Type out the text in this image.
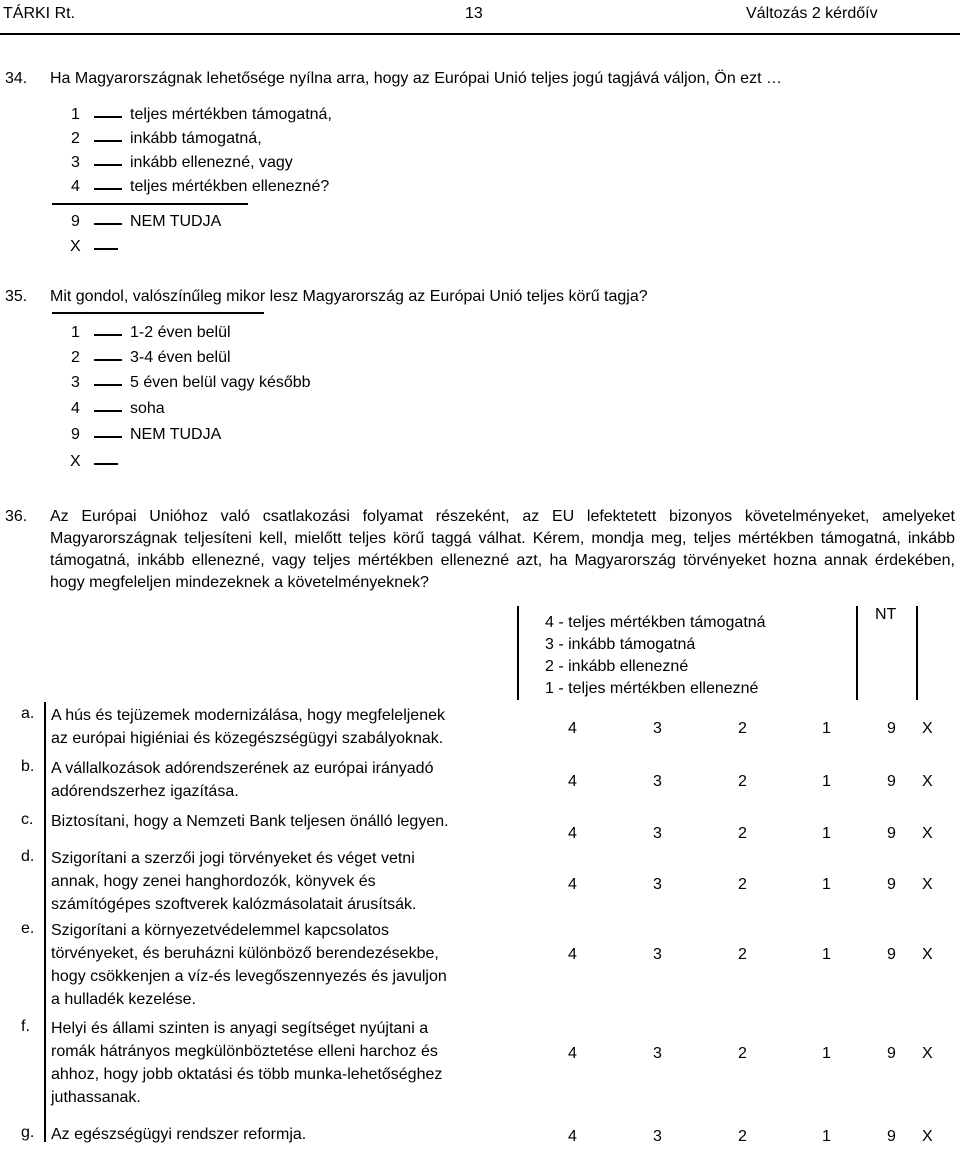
TÁRKI Rt.	13	Változás 2 kérdőív
34. Ha Magyarországnak lehetősége nyílna arra, hogy az Európai Unió teljes jogú tagjává váljon, Ön ezt …
1	teljes mértékben támogatná,
2	inkább támogatná,
3	inkább ellenezné, vagy
4	teljes mértékben ellenezné?
9	NEM TUDJA
X
35. Mit gondol, valószínűleg mikor lesz Magyarország az Európai Unió teljes körű tagja?
1	1-2 éven belül
2	3-4 éven belül
3	5 éven belül vagy később
4	soha
9	NEM TUDJA
X
36. Az Európai Unióhoz való csatlakozási folyamat részeként, az EU lefektetett bizonyos követelményeket, amelyeket Magyarországnak teljesíteni kell, mielőtt teljes körű taggá válhat. Kérem, mondja meg, teljes mértékben támogatná, inkább támogatná, inkább ellenezné, vagy teljes mértékben ellenezné azt, ha Magyarország törvényeket hozna annak érdekében, hogy megfeleljen mindezeknek a követelményeknek?
4 - teljes mértékben támogatná
3 - inkább támogatná
2 - inkább ellenezné
1 - teljes mértékben ellenezné
NT
a. A hús és tejüzemek modernizálása, hogy megfeleljenek
az európai higiéniai és közegészségügyi szabályoknak.
4	3	2	1	9 X
b. A vállalkozások adórendszerének az európai irányadó
adórendszerhez igazítása.
4	3	2	1	9 X
c. Biztosítani, hogy a Nemzeti Bank teljesen önálló legyen.
4	3	2	1	9 X
d. Szigorítani a szerzői jogi törvényeket és véget vetni
annak, hogy zenei hanghordozók, könyvek és
számítógépes szoftverek kalózmásolatait árusítsák.
4	3	2	1	9 X
e. Szigorítani a környezetvédelemmel kapcsolatos
törvényeket, és beruházni különböző berendezésekbe,
hogy csökkenjen a víz-és levegőszennyezés és javuljon
a hulladék kezelése.
4	3	2	1	9 X
f. Helyi és állami szinten is anyagi segítséget nyújtani a
romák hátrányos megkülönböztetése elleni harchoz és
ahhoz, hogy jobb oktatási és több munka-lehetőséghez
juthassanak.
4	3	2	1	9 X
g. Az egészségügyi rendszer reformja.	4	3	2	1	9 X
